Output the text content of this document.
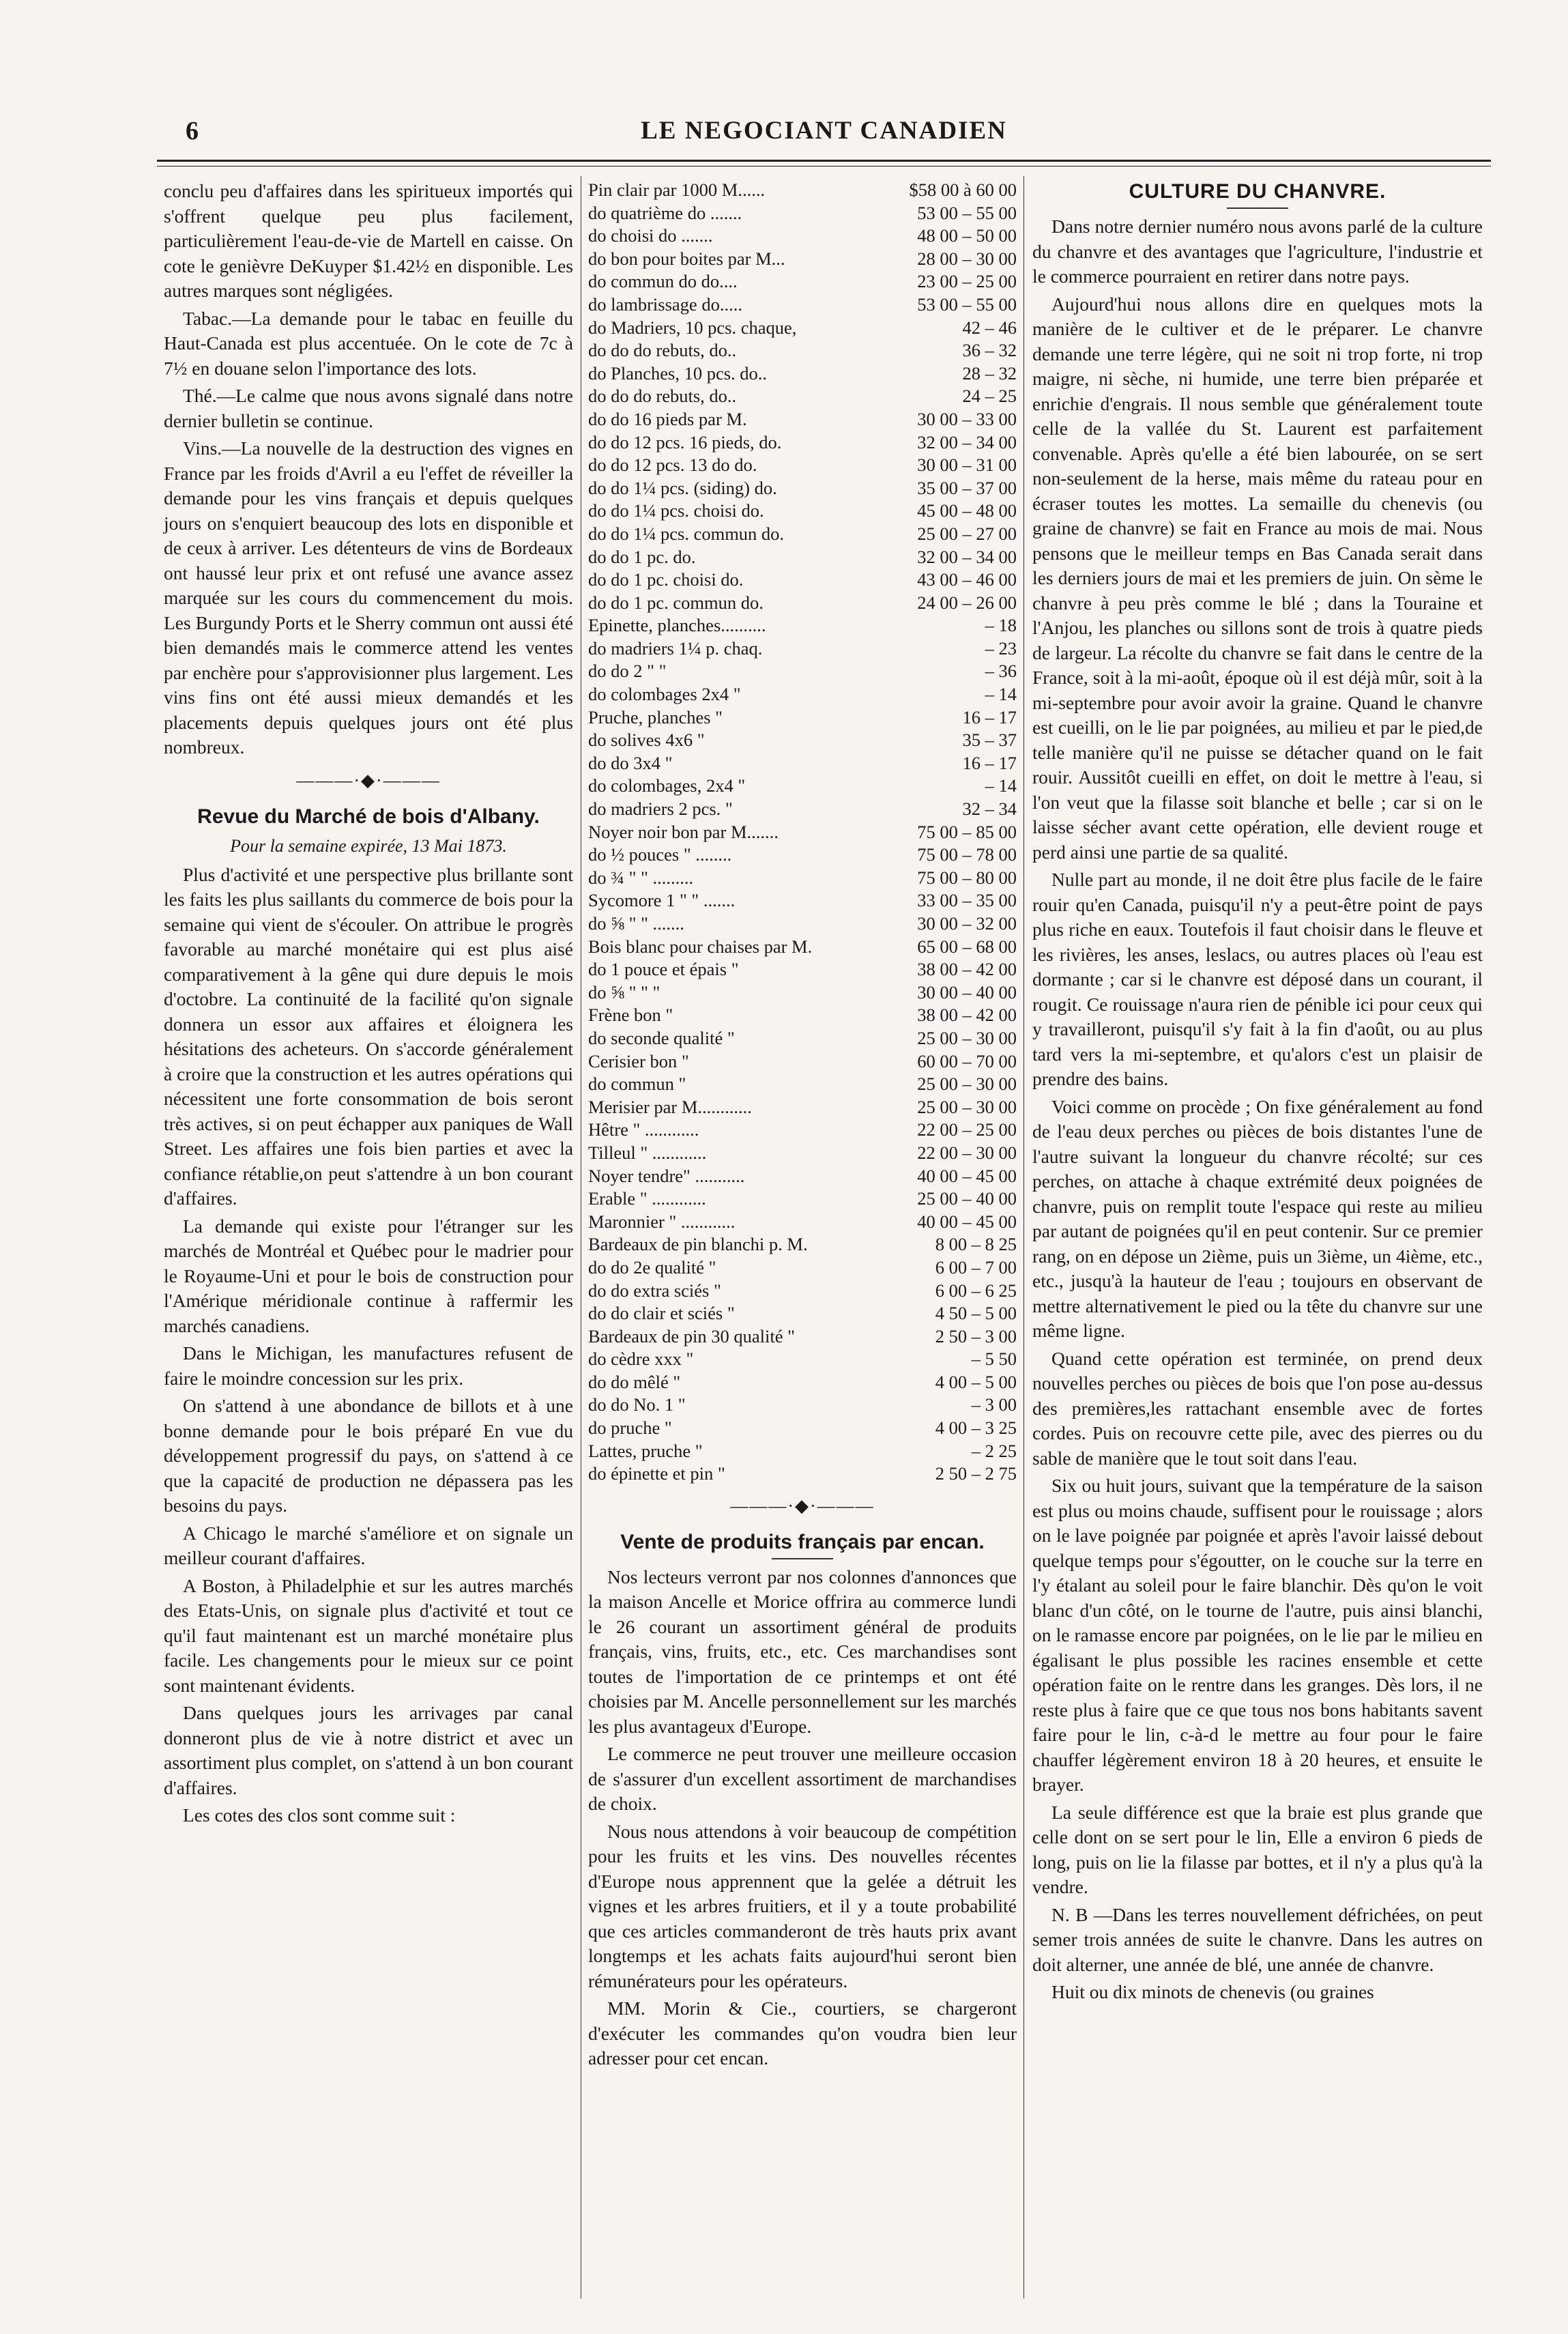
6	LE NEGOCIANT CANADIEN

conclu peu d'affaires dans les spiritueux importés qui s'offrent quelque peu plus facilement, particulièrement l'eau-de-vie de Martell en caisse. On cote le genièvre DeKuyper $1.42½ en disponible. Les autres marques sont négligées.

Tabac.—La demande pour le tabac en feuille du Haut-Canada est plus accentuée. On le cote de 7c à 7½ en douane selon l'importance des lots.

Thé.—Le calme que nous avons signalé dans notre dernier bulletin se continue.

Vins.—La nouvelle de la destruction des vignes en France par les froids d'Avril a eu l'effet de réveiller la demande pour les vins français et depuis quelques jours on s'enquiert beaucoup des lots en disponible et de ceux à arriver. Les détenteurs de vins de Bordeaux ont haussé leur prix et ont refusé une avance assez marquée sur les cours du commencement du mois. Les Burgundy Ports et le Sherry commun ont aussi été bien demandés mais le commerce attend les ventes par enchère pour s'approvisionner plus largement. Les vins fins ont été aussi mieux demandés et les placements depuis quelques jours ont été plus nombreux.

———·◆·———
Revue du Marché de bois d'Albany.
Pour la semaine expirée, 13 Mai 1873.

Plus d'activité et une perspective plus brillante sont les faits les plus saillants du commerce de bois pour la semaine qui vient de s'écouler. On attribue le progrès favorable au marché monétaire qui est plus aisé comparativement à la gêne qui dure depuis le mois d'octobre. La continuité de la facilité qu'on signale donnera un essor aux affaires et éloignera les hésitations des acheteurs. On s'accorde généralement à croire que la construction et les autres opérations qui nécessitent une forte consommation de bois seront très actives, si on peut échapper aux paniques de Wall Street. Les affaires une fois bien parties et avec la confiance rétablie,on peut s'attendre à un bon courant d'affaires.

La demande qui existe pour l'étranger sur les marchés de Montréal et Québec pour le madrier pour le Royaume-Uni et pour le bois de construction pour l'Amérique méridionale continue à raffermir les marchés canadiens.

Dans le Michigan, les manufactures refusent de faire le moindre concession sur les prix.

On s'attend à une abondance de billots et à une bonne demande pour le bois préparé En vue du développement progressif du pays, on s'attend à ce que la capacité de production ne dépassera pas les besoins du pays.

A Chicago le marché s'améliore et on signale un meilleur courant d'affaires.

A Boston, à Philadelphie et sur les autres marchés des Etats-Unis, on signale plus d'activité et tout ce qu'il faut maintenant est un marché monétaire plus facile. Les changements pour le mieux sur ce point sont maintenant évidents.

Dans quelques jours les arrivages par canal donneront plus de vie à notre district et avec un assortiment plus complet, on s'attend à un bon courant d'affaires.

Les cotes des clos sont comme suit :

Pin clair par 1000 M......	$58 00 à 60 00
do quatrième do .......	53 00 – 55 00
do choisi do .......	48 00 – 50 00
do bon pour boites par M...	28 00 – 30 00
do commun do do....	23 00 – 25 00
do lambrissage do.....	53 00 – 55 00
do Madriers, 10 pcs. chaque,	42 – 46
do do do rebuts, do..	36 – 32
do Planches, 10 pcs. do..	28 – 32
do do do rebuts, do..	24 – 25
do do 16 pieds par M.	30 00 – 33 00
do do 12 pcs. 16 pieds, do.	32 00 – 34 00
do do 12 pcs. 13 do do.	30 00 – 31 00
do do 1¼ pcs. (siding) do.	35 00 – 37 00
do do 1¼ pcs. choisi do.	45 00 – 48 00
do do 1¼ pcs. commun do.	25 00 – 27 00
do do 1 pc. do.	32 00 – 34 00
do do 1 pc. choisi do.	43 00 – 46 00
do do 1 pc. commun do.	24 00 – 26 00
Epinette, planches..........	– 18
do madriers 1¼ p. chaq.	– 23
do do 2 " "	– 36
do colombages 2x4 "	– 14
Pruche, planches "	16 – 17
do solives 4x6 "	35 – 37
do do 3x4 "	16 – 17
do colombages, 2x4 "	– 14
do madriers 2 pcs. "	32 – 34
Noyer noir bon par M.......	75 00 – 85 00
do ½ pouces " ........	75 00 – 78 00
do ¾ " " .........	75 00 – 80 00
Sycomore 1 " " .......	33 00 – 35 00
do ⅝ " " .......	30 00 – 32 00
Bois blanc pour chaises par M.	65 00 – 68 00
do 1 pouce et épais "	38 00 – 42 00
do ⅝ " " "	30 00 – 40 00
Frène bon "	38 00 – 42 00
do seconde qualité "	25 00 – 30 00
Cerisier bon "	60 00 – 70 00
do commun "	25 00 – 30 00
Merisier par M............	25 00 – 30 00
Hêtre " ............	22 00 – 25 00
Tilleul " ............	22 00 – 30 00
Noyer tendre" ...........	40 00 – 45 00
Erable " ............	25 00 – 40 00
Maronnier " ............	40 00 – 45 00
Bardeaux de pin blanchi p. M.	8 00 – 8 25
do do 2e qualité "	6 00 – 7 00
do do extra sciés "	6 00 – 6 25
do do clair et sciés "	4 50 – 5 00
Bardeaux de pin 30 qualité "	2 50 – 3 00
do cèdre xxx "	– 5 50
do do mêlé "	4 00 – 5 00
do do No. 1 "	– 3 00
do pruche "	4 00 – 3 25
Lattes, pruche "	– 2 25
do épinette et pin "	2 50 – 2 75
———·◆·———
Vente de produits français par encan.

Nos lecteurs verront par nos colonnes d'annonces que la maison Ancelle et Morice offrira au commerce lundi le 26 courant un assortiment général de produits français, vins, fruits, etc., etc. Ces marchandises sont toutes de l'importation de ce printemps et ont été choisies par M. Ancelle personnellement sur les marchés les plus avantageux d'Europe.

Le commerce ne peut trouver une meilleure occasion de s'assurer d'un excellent assortiment de marchandises de choix.

Nous nous attendons à voir beaucoup de compétition pour les fruits et les vins. Des nouvelles récentes d'Europe nous apprennent que la gelée a détruit les vignes et les arbres fruitiers, et il y a toute probabilité que ces articles commanderont de très hauts prix avant longtemps et les achats faits aujourd'hui seront bien rémunérateurs pour les opérateurs.

MM. Morin & Cie., courtiers, se chargeront d'exécuter les commandes qu'on voudra bien leur adresser pour cet encan.

CULTURE DU CHANVRE.

Dans notre dernier numéro nous avons parlé de la culture du chanvre et des avantages que l'agriculture, l'industrie et le commerce pourraient en retirer dans notre pays.

Aujourd'hui nous allons dire en quelques mots la manière de le cultiver et de le préparer. Le chanvre demande une terre légère, qui ne soit ni trop forte, ni trop maigre, ni sèche, ni humide, une terre bien préparée et enrichie d'engrais. Il nous semble que généralement toute celle de la vallée du St. Laurent est parfaitement convenable. Après qu'elle a été bien labourée, on se sert non-seulement de la herse, mais même du rateau pour en écraser toutes les mottes. La semaille du chenevis (ou graine de chanvre) se fait en France au mois de mai. Nous pensons que le meilleur temps en Bas Canada serait dans les derniers jours de mai et les premiers de juin. On sème le chanvre à peu près comme le blé ; dans la Touraine et l'Anjou, les planches ou sillons sont de trois à quatre pieds de largeur. La récolte du chanvre se fait dans le centre de la France, soit à la mi-août, époque où il est déjà mûr, soit à la mi-septembre pour avoir avoir la graine. Quand le chanvre est cueilli, on le lie par poignées, au milieu et par le pied,de telle manière qu'il ne puisse se détacher quand on le fait rouir. Aussitôt cueilli en effet, on doit le mettre à l'eau, si l'on veut que la filasse soit blanche et belle ; car si on le laisse sécher avant cette opération, elle devient rouge et perd ainsi une partie de sa qualité.

Nulle part au monde, il ne doit être plus facile de le faire rouir qu'en Canada, puisqu'il n'y a peut-être point de pays plus riche en eaux. Toutefois il faut choisir dans le fleuve et les rivières, les anses, leslacs, ou autres places où l'eau est dormante ; car si le chanvre est déposé dans un courant, il rougit. Ce rouissage n'aura rien de pénible ici pour ceux qui y travailleront, puisqu'il s'y fait à la fin d'août, ou au plus tard vers la mi-septembre, et qu'alors c'est un plaisir de prendre des bains.

Voici comme on procède ; On fixe généralement au fond de l'eau deux perches ou pièces de bois distantes l'une de l'autre suivant la longueur du chanvre récolté; sur ces perches, on attache à chaque extrémité deux poignées de chanvre, puis on remplit toute l'espace qui reste au milieu par autant de poignées qu'il en peut contenir. Sur ce premier rang, on en dépose un 2ième, puis un 3ième, un 4ième, etc., etc., jusqu'à la hauteur de l'eau ; toujours en observant de mettre alternativement le pied ou la tête du chanvre sur une même ligne.

Quand cette opération est terminée, on prend deux nouvelles perches ou pièces de bois que l'on pose au-dessus des premières,les rattachant ensemble avec de fortes cordes. Puis on recouvre cette pile, avec des pierres ou du sable de manière que le tout soit dans l'eau.

Six ou huit jours, suivant que la température de la saison est plus ou moins chaude, suffisent pour le rouissage ; alors on le lave poignée par poignée et après l'avoir laissé debout quelque temps pour s'égoutter, on le couche sur la terre en l'y étalant au soleil pour le faire blanchir. Dès qu'on le voit blanc d'un côté, on le tourne de l'autre, puis ainsi blanchi, on le ramasse encore par poignées, on le lie par le milieu en égalisant le plus possible les racines ensemble et cette opération faite on le rentre dans les granges. Dès lors, il ne reste plus à faire que ce que tous nos bons habitants savent faire pour le lin, c-à-d le mettre au four pour le faire chauffer légèrement environ 18 à 20 heures, et ensuite le brayer.

La seule différence est que la braie est plus grande que celle dont on se sert pour le lin, Elle a environ 6 pieds de long, puis on lie la filasse par bottes, et il n'y a plus qu'à la vendre.

N. B —Dans les terres nouvellement défrichées, on peut semer trois années de suite le chanvre. Dans les autres on doit alterner, une année de blé, une année de chanvre.

Huit ou dix minots de chenevis (ou graines
